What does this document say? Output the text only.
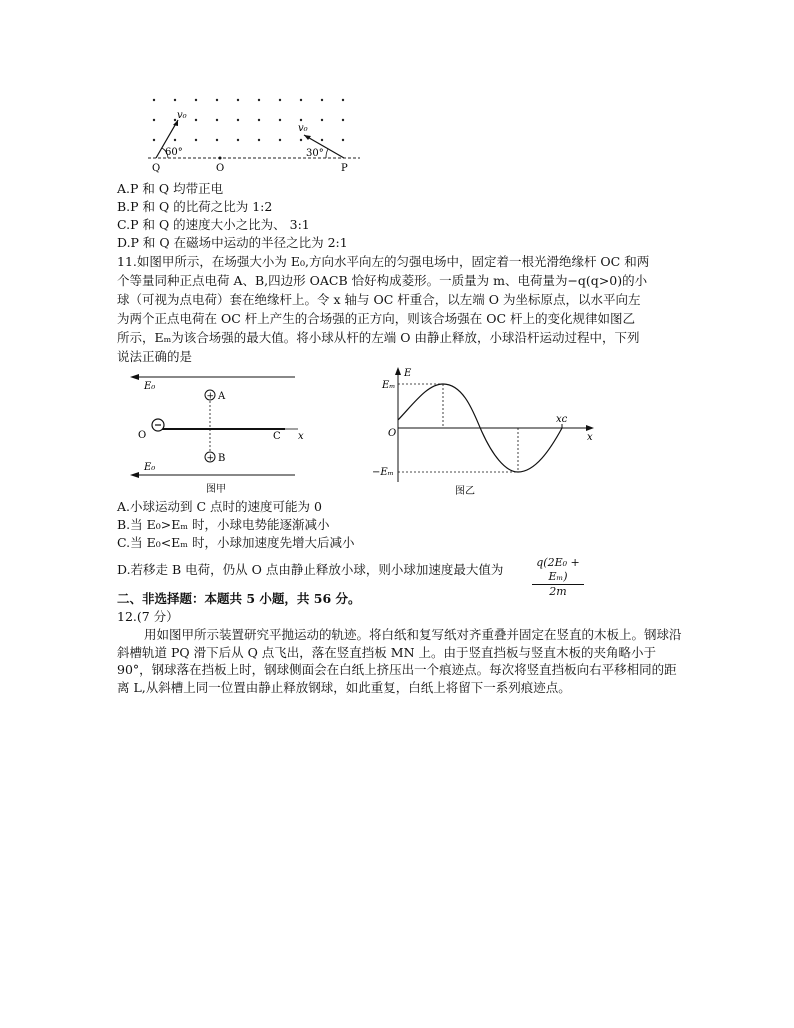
v₀
v₀
60°	30°
Q	O	P
A.P 和 Q 均带正电
B.P 和 Q 的比荷之比为 1:2
C.P 和 Q 的速度大小之比为、 3:1
D.P 和 Q 在磁场中运动的半径之比为 2:1
11.如图甲所示，在场强大小为 E₀,方向水平向左的匀强电场中，固定着一根光滑绝缘杆 OC 和两
个等量同种正点电荷 A、B,四边形 OACB 恰好构成菱形。一质量为 m、电荷量为−q(q>0)的小
球（可视为点电荷）套在绝缘杆上。令 x 轴与 OC 杆重合，以左端 O 为坐标原点，以水平向左
为两个正点电荷在 OC 杆上产生的合场强的正方向，则该合场强在 OC 杆上的变化规律如图乙
所示，Eₘ为该合场强的最大值。将小球从杆的左端 O 由静止释放，小球沿杆运动过程中，下列
说法正确的是
E₀
+ A
O	C x
+ B
E₀
图甲
E
x
O
Eₘ
−Eₘ
xᴄ
图乙
A.小球运动到 C 点时的速度可能为 0
B.当 E₀>Eₘ 时，小球电势能逐渐减小
C.当 E₀<Eₘ 时，小球加速度先增大后减小
D.若移走 B 电荷，仍从 O 点由静止释放小球，则小球加速度最大值为	$\frac{\text{q(2E₀ + Eₘ)}}{2m}$
二、非选择题：本题共 5 小题，共 56 分。
12.(7 分）
用如图甲所示装置研究平抛运动的轨迹。将白纸和复写纸对齐重叠并固定在竖直的木板上。钢球沿斜槽轨道 PQ 滑下后从 Q 点飞出，落在竖直挡板 MN 上。由于竖直挡板与竖直木板的夹角略小于 90°，钢球落在挡板上时，钢球侧面会在白纸上挤压出一个痕迹点。每次将竖直挡板向右平移相同的距离 L,从斜槽上同一位置由静止释放钢球，如此重复，白纸上将留下一系列痕迹点。
